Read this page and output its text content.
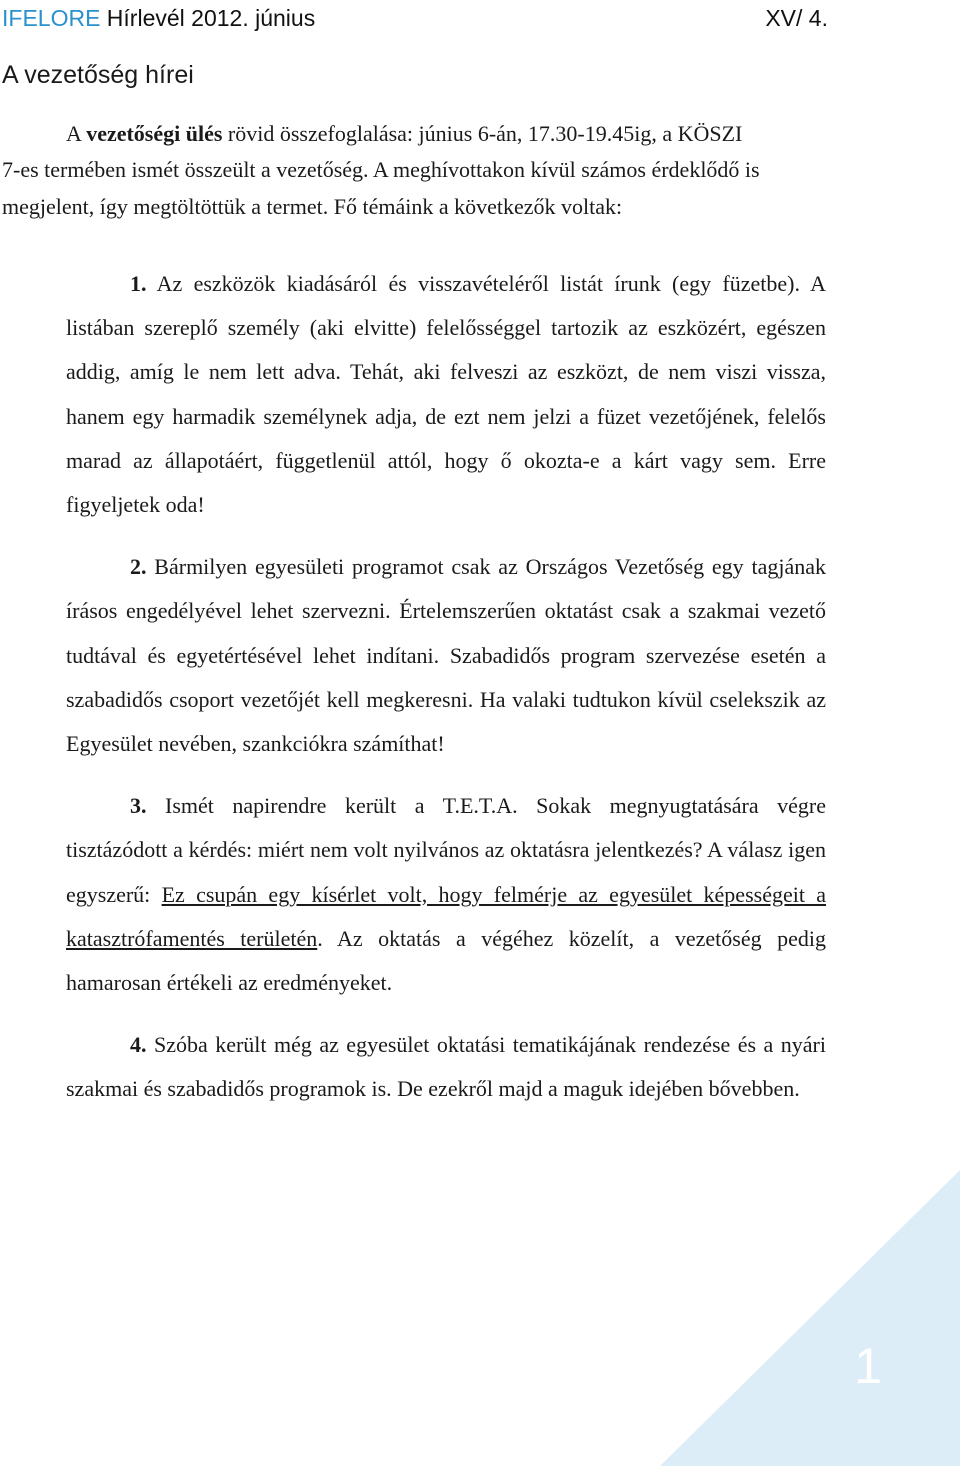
IFELORE Hírlevél 2012. június	XV/ 4.
A vezetőség hírei

A vezetőségi ülés rövid összefoglalása: június 6-án, 17.30-19.45ig, a KÖSZI 7-es termében ismét összeült a vezetőség. A meghívottakon kívül számos érdeklődő is megjelent, így megtöltöttük a termet. Fő témáink a következők voltak:

1. Az eszközök kiadásáról és visszavételéről listát írunk (egy füzetbe). A listában szereplő személy (aki elvitte) felelősséggel tartozik az eszközért, egészen addig, amíg le nem lett adva. Tehát, aki felveszi az eszközt, de nem viszi vissza, hanem egy harmadik személynek adja, de ezt nem jelzi a füzet vezetőjének, felelős marad az állapotáért, függetlenül attól, hogy ő okozta-e a kárt vagy sem. Erre figyeljetek oda!
2. Bármilyen egyesületi programot csak az Országos Vezetőség egy tagjának írásos engedélyével lehet szervezni. Értelemszerűen oktatást csak a szakmai vezető tudtával és egyetértésével lehet indítani. Szabadidős program szervezése esetén a szabadidős csoport vezetőjét kell megkeresni. Ha valaki tudtukon kívül cselekszik az Egyesület nevében, szankciókra számíthat!
3. Ismét napirendre került a T.E.T.A. Sokak megnyugtatására végre tisztázódott a kérdés: miért nem volt nyilvános az oktatásra jelentkezés? A válasz igen egyszerű: Ez csupán egy kísérlet volt, hogy felmérje az egyesület képességeit a katasztrófamentés területén. Az oktatás a végéhez közelít, a vezetőség pedig hamarosan értékeli az eredményeket.
4. Szóba került még az egyesület oktatási tematikájának rendezése és a nyári szakmai és szabadidős programok is. De ezekről majd a maguk idejében bővebben.
1
